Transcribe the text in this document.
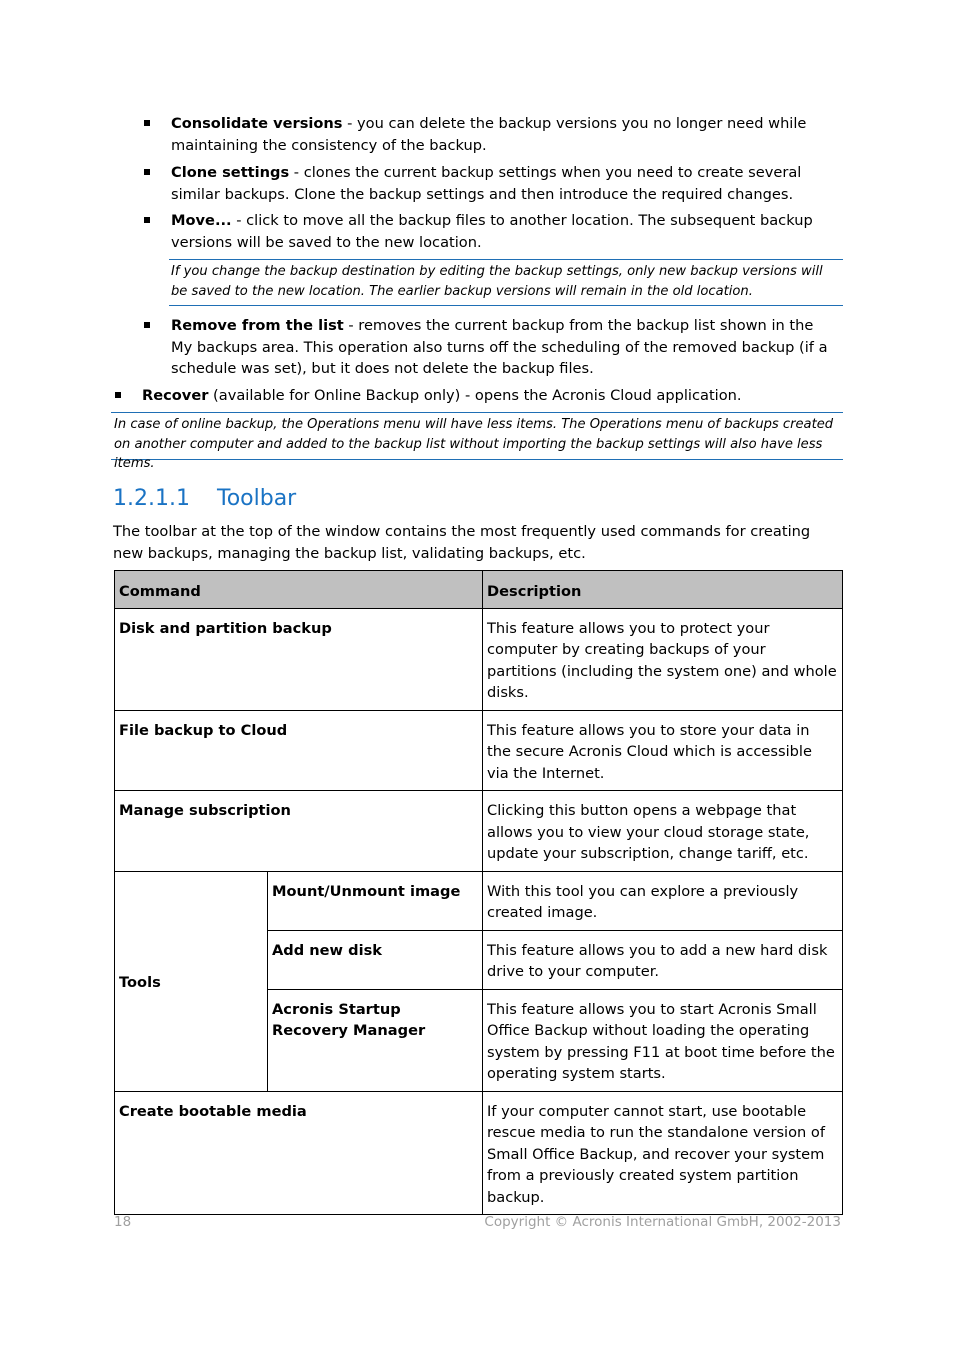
Consolidate versions - you can delete the backup versions you no longer need while maintaining the consistency of the backup.
Clone settings - clones the current backup settings when you need to create several similar backups. Clone the backup settings and then introduce the required changes.
Move... - click to move all the backup files to another location. The subsequent backup versions will be saved to the new location.
If you change the backup destination by editing the backup settings, only new backup versions will be saved to the new location. The earlier backup versions will remain in the old location.
Remove from the list - removes the current backup from the backup list shown in the My backups area. This operation also turns off the scheduling of the removed backup (if a schedule was set), but it does not delete the backup files.
Recover (available for Online Backup only) - opens the Acronis Cloud application.
In case of online backup, the Operations menu will have less items. The Operations menu of backups created on another computer and added to the backup list without importing the backup settings will also have less items.
1.2.1.1 Toolbar
The toolbar at the top of the window contains the most frequently used commands for creating new backups, managing the backup list, validating backups, etc.
Command		Description
Disk and partition backup		This feature allows you to protect your computer by creating backups of your partitions (including the system one) and whole disks.
File backup to Cloud		This feature allows you to store your data in the secure Acronis Cloud which is accessible via the Internet.
Manage subscription		Clicking this button opens a webpage that allows you to view your cloud storage state, update your subscription, change tariff, etc.
Tools	Mount/Unmount image	With this tool you can explore a previously created image.
	Add new disk	This feature allows you to add a new hard disk drive to your computer.
	Acronis Startup Recovery Manager	This feature allows you to start Acronis Small Office Backup without loading the operating system by pressing F11 at boot time before the operating system starts.
Create bootable media		If your computer cannot start, use bootable rescue media to run the standalone version of Small Office Backup, and recover your system from a previously created system partition backup.
18	Copyright © Acronis International GmbH, 2002-2013
